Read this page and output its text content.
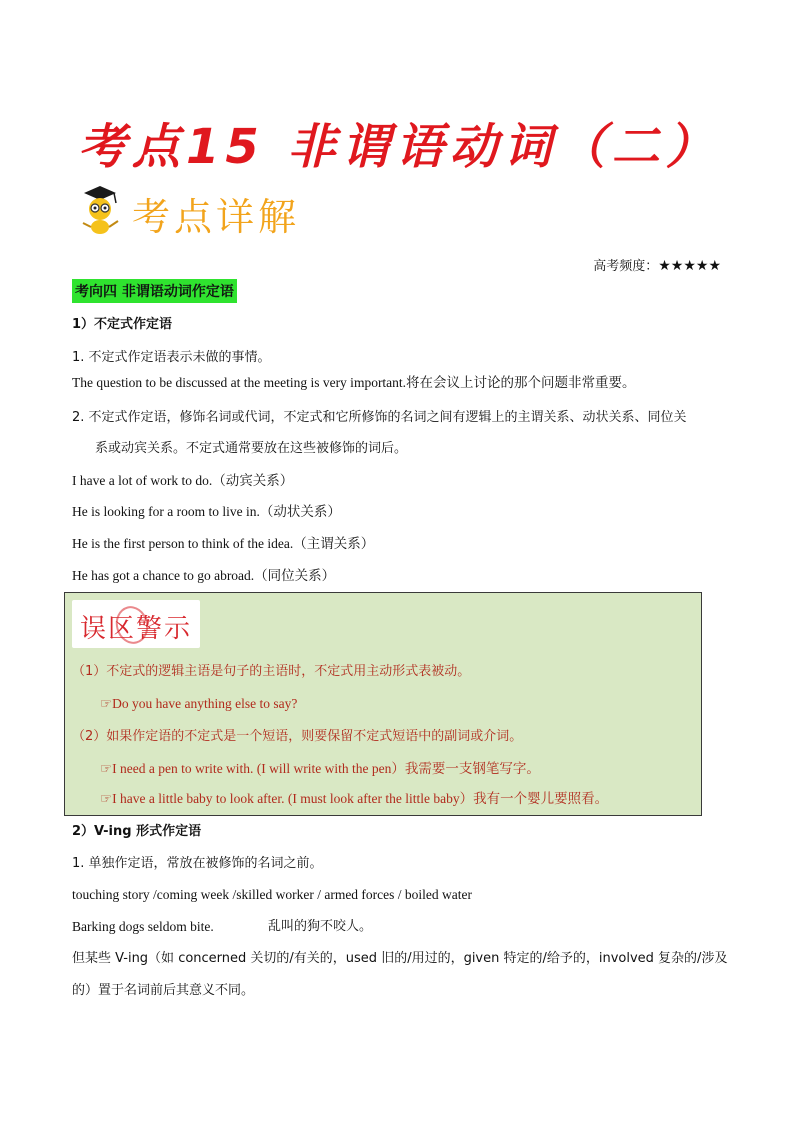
考点15 非谓语动词（二）
考点详解
高考频度：★★★★★
考向四 非谓语动词作定语
1）不定式作定语
1. 不定式作定语表示未做的事情。
The question to be discussed at the meeting is very important.将在会议上讨论的那个问题非常重要。
2. 不定式作定语，修饰名词或代词，不定式和它所修饰的名词之间有逻辑上的主谓关系、动状关系、同位关
系或动宾关系。不定式通常要放在这些被修饰的词后。
I have a lot of work to do.（动宾关系）
He is looking for a room to live in.（动状关系）
He is the first person to think of the idea.（主谓关系）
He has got a chance to go abroad.（同位关系）
误区警示
（1）不定式的逻辑主语是句子的主语时，不定式用主动形式表被动。
☞Do you have anything else to say?
（2）如果作定语的不定式是一个短语，则要保留不定式短语中的副词或介词。
☞I need a pen to write with. (I will write with the pen）我需要一支钢笔写字。
☞I have a little baby to look after. (I must look after the little baby）我有一个婴儿要照看。
2）V-ing 形式作定语
1. 单独作定语，常放在被修饰的名词之前。
touching story /coming week /skilled worker / armed forces / boiled water
Barking dogs seldom bite.	乱叫的狗不咬人。
但某些 V-ing（如 concerned 关切的/有关的，used 旧的/用过的，given 特定的/给予的，involved 复杂的/涉及
的）置于名词前后其意义不同。
